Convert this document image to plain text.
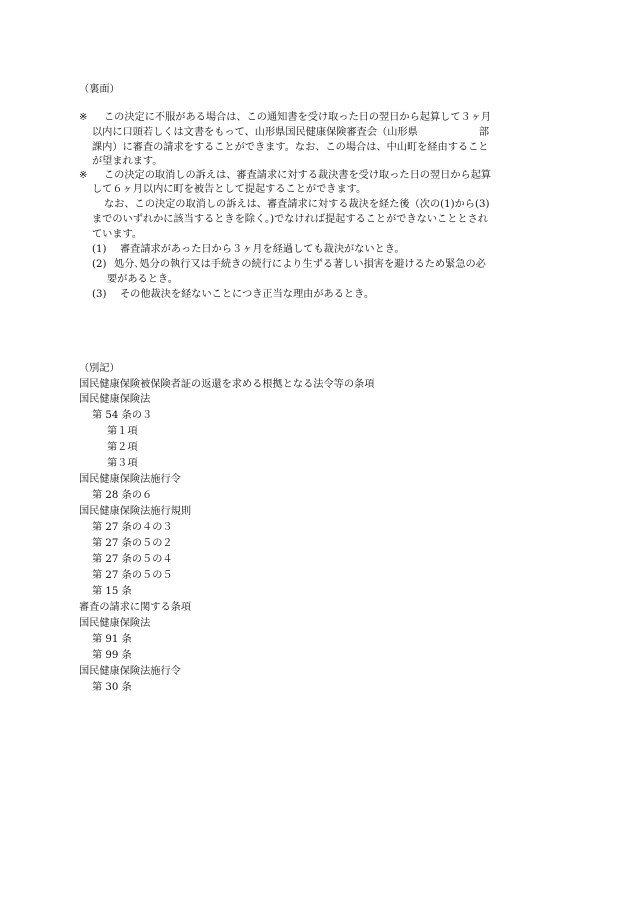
（裏面）
※ この決定に不服がある場合は、この通知書を受け取った日の翌日から起算して３ヶ月
以内に口頭若しくは文書をもって、山形県国民健康保険審査会（山形県　　　　　　部
課内）に審査の請求をすることができます。なお、この場合は、中山町を経由すること
が望まれます。
※ この決定の取消しの訴えは、審査請求に対する裁決書を受け取った日の翌日から起算
して６ヶ月以内に町を被告として提起することができます。
なお、この決定の取消しの訴えは、審査請求に対する裁決を経た後（次の(1)から(3)
までのいずれかに該当するときを除く。)でなければ提起することができないこととされ
ています。
(1) 審査請求があった日から３ヶ月を経過しても裁決がないとき。
(2) 処分､処分の執行又は手続きの続行により生ずる著しい損害を避けるため緊急の必
要があるとき。
(3) その他裁決を経ないことにつき正当な理由があるとき。
（別記）
国民健康保険被保険者証の返還を求める根拠となる法令等の条項
国民健康保険法
第 54 条の３
第１項
第２項
第３項
国民健康保険法施行令
第 28 条の６
国民健康保険法施行規則
第 27 条の４の３
第 27 条の５の２
第 27 条の５の４
第 27 条の５の５
第 15 条
審査の請求に関する条項
国民健康保険法
第 91 条
第 99 条
国民健康保険法施行令
第 30 条
